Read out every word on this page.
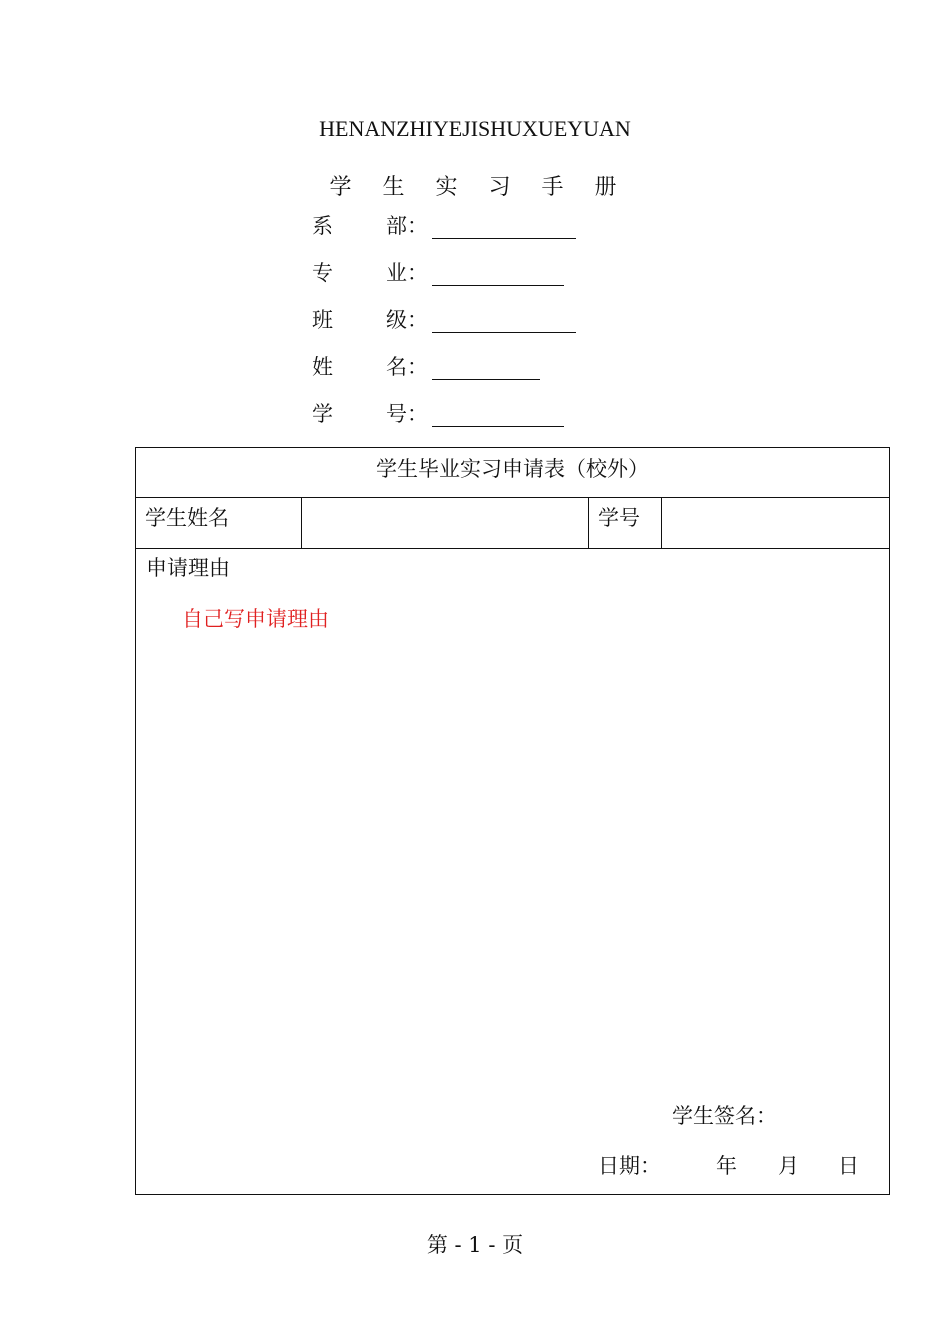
HENANZHIYEJISHUXUEYUAN
学 生 实 习 手 册
系	部：
专	业：
班	级：
姓	名：
学	号：
学生毕业实习申请表（校外）
学生姓名	学号
申请理由
自己写申请理由
学生签名：
日期：	年 月 日
第 - 1 - 页
